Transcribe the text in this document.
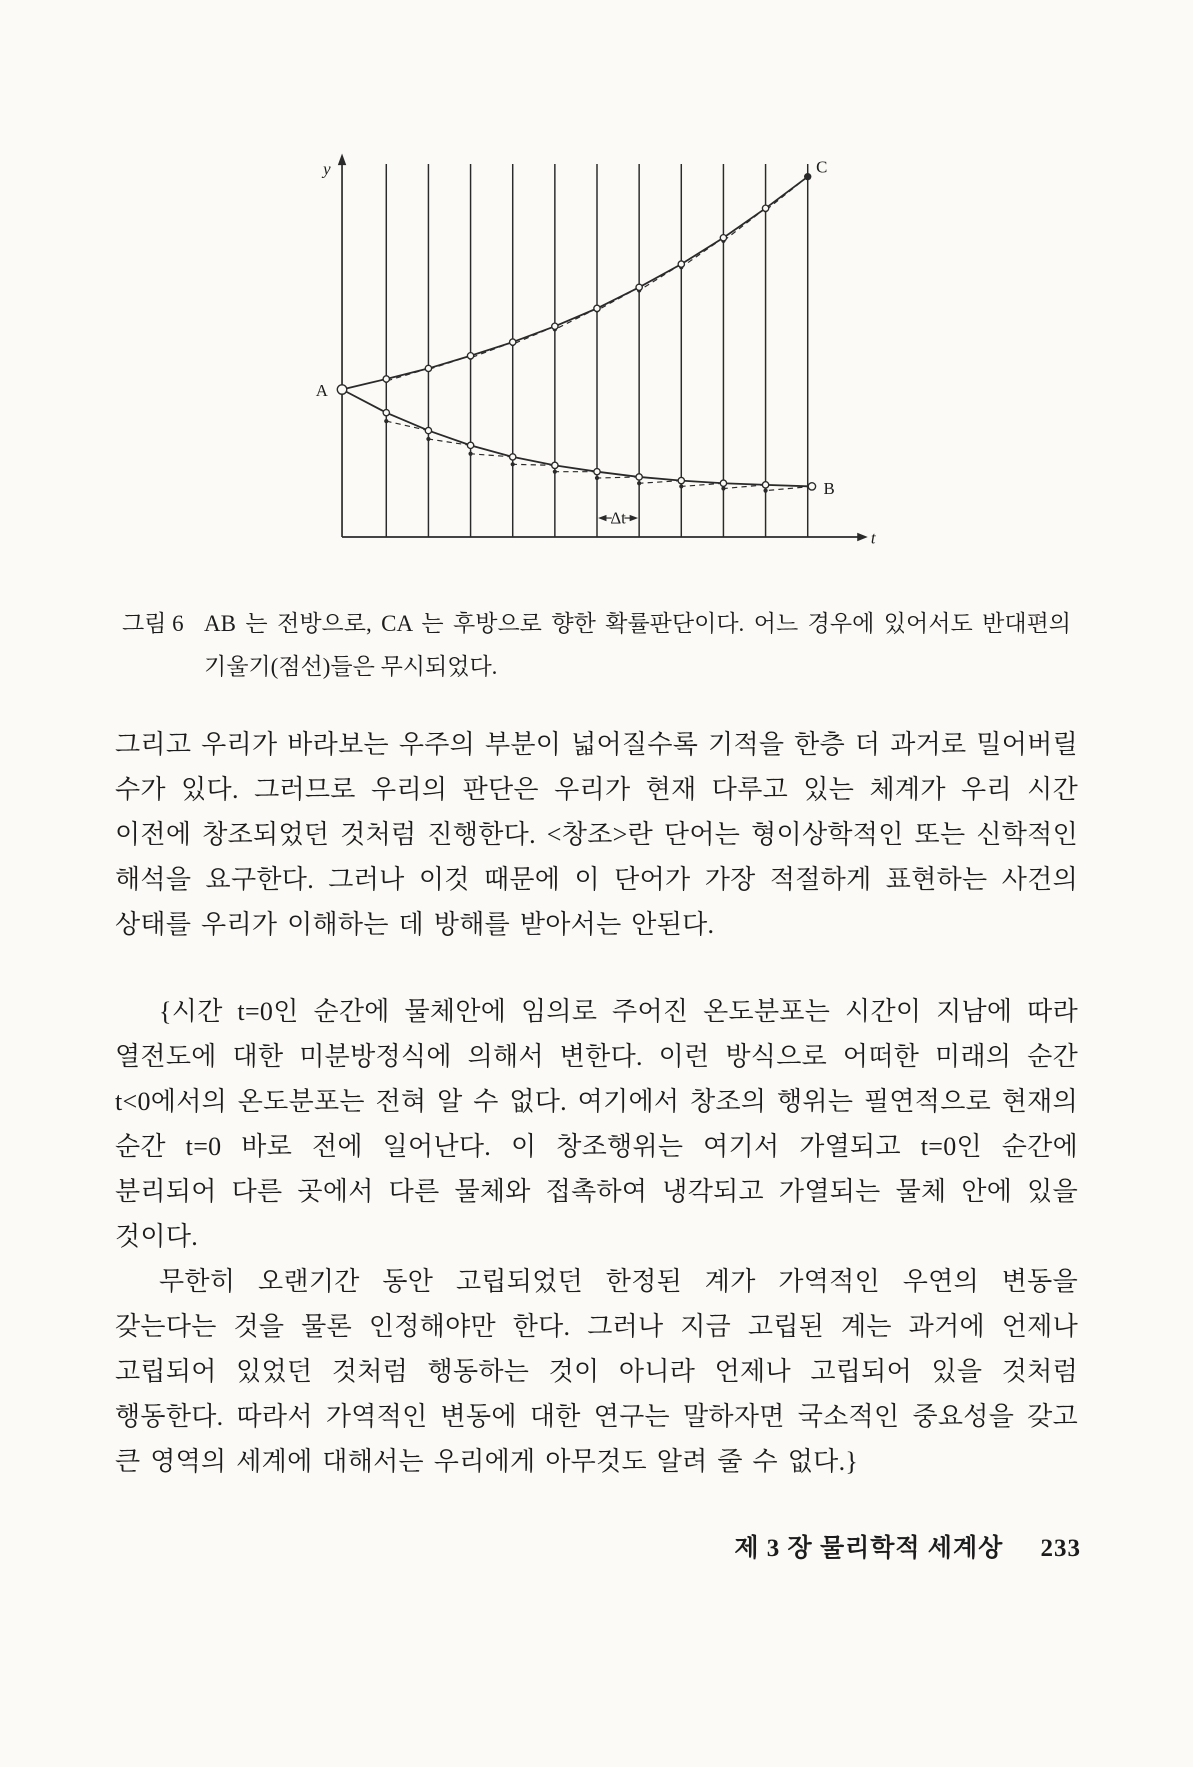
Δt
y
t
A
C
B
그림 6 AB 는 전방으로, CA 는 후방으로 향한 확률판단이다. 어느 경우에 있어서도 반대편의 기울기(점선)들은 무시되었다.

그리고 우리가 바라보는 우주의 부분이 넓어질수록 기적을 한층 더 과거로 밀어버릴 수가 있다. 그러므로 우리의 판단은 우리가 현재 다루고 있는 체계가 우리 시간 이전에 창조되었던 것처럼 진행한다. <창조>란 단어는 형이상학적인 또는 신학적인 해석을 요구한다. 그러나 이것 때문에 이 단어가 가장 적절하게 표현하는 사건의 상태를 우리가 이해하는 데 방해를 받아서는 안된다.

{시간 t=0인 순간에 물체안에 임의로 주어진 온도분포는 시간이 지남에 따라 열전도에 대한 미분방정식에 의해서 변한다. 이런 방식으로 어떠한 미래의 순간 t<0에서의 온도분포는 전혀 알 수 없다. 여기에서 창조의 행위는 필연적으로 현재의 순간 t=0 바로 전에 일어난다. 이 창조행위는 여기서 가열되고 t=0인 순간에 분리되어 다른 곳에서 다른 물체와 접촉하여 냉각되고 가열되는 물체 안에 있을 것이다.

무한히 오랜기간 동안 고립되었던 한정된 계가 가역적인 우연의 변동을 갖는다는 것을 물론 인정해야만 한다. 그러나 지금 고립된 계는 과거에 언제나 고립되어 있었던 것처럼 행동하는 것이 아니라 언제나 고립되어 있을 것처럼 행동한다. 따라서 가역적인 변동에 대한 연구는 말하자면 국소적인 중요성을 갖고 큰 영역의 세계에 대해서는 우리에게 아무것도 알려 줄 수 없다.}

제 3 장 물리학적 세계상 233
